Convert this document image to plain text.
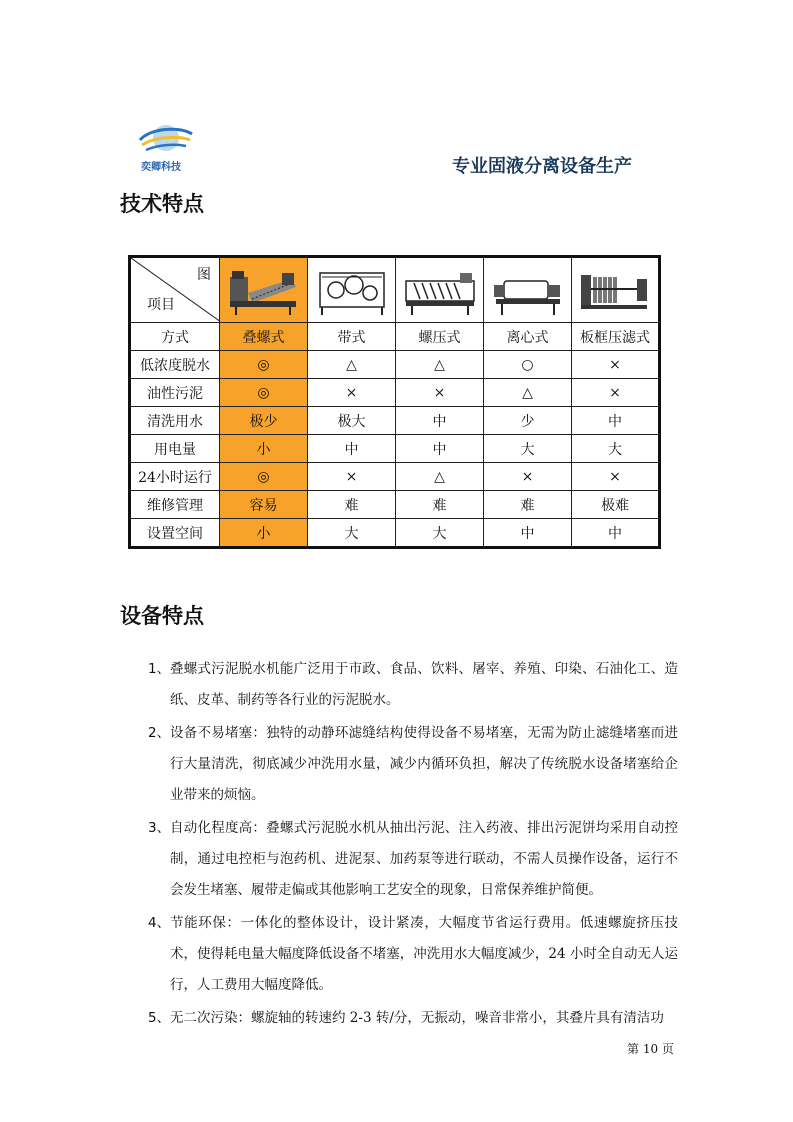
奕卿科技	专业固液分离设备生产
技术特点
图
项目

方式	叠螺式	带式	螺压式	离心式	板框压滤式
低浓度脱水	◎	△	△	○	×
油性污泥	◎	×	×	△	×
清洗用水	极少	极大	中	少	中
用电量	小	中	中	大	大
24小时运行	◎	×	△	×	×
维修管理	容易	难	难	难	极难
设置空间	小	大	大	中	中
设备特点
1、 叠螺式污泥脱水机能广泛用于市政、食品、饮料、屠宰、养殖、印染、石油化工、造纸、皮革、制药等各行业的污泥脱水。
2、 设备不易堵塞：独特的动静环滤缝结构使得设备不易堵塞，无需为防止滤缝堵塞而进行大量清洗，彻底减少冲洗用水量，减少内循环负担，解决了传统脱水设备堵塞给企业带来的烦恼。
3、 自动化程度高：叠螺式污泥脱水机从抽出污泥、注入药液、排出污泥饼均采用自动控制，通过电控柜与泡药机、进泥泵、加药泵等进行联动，不需人员操作设备，运行不会发生堵塞、履带走偏或其他影响工艺安全的现象，日常保养维护简便。
4、 节能环保：一体化的整体设计，设计紧凑，大幅度节省运行费用。低速螺旋挤压技术，使得耗电量大幅度降低设备不堵塞，冲洗用水大幅度减少，24 小时全自动无人运行，人工费用大幅度降低。
5、 无二次污染：螺旋轴的转速约 2-3 转/分，无振动，噪音非常小，其叠片具有清洁功
第 10 页
